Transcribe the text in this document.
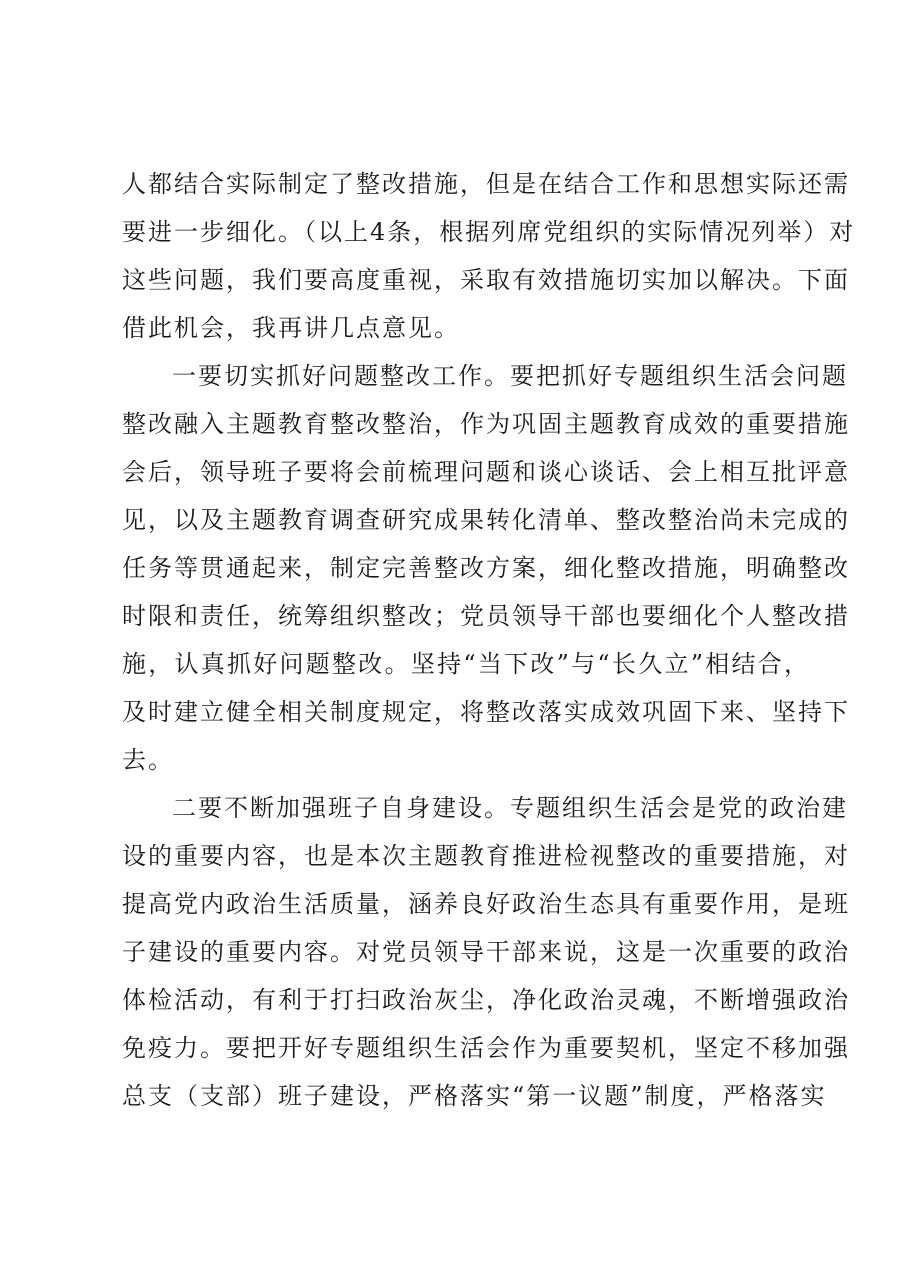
人都结合实际制定了整改措施，但是在结合工作和思想实际还需
要进一步细化。（以上4条，根据列席党组织的实际情况列举）对
这些问题，我们要高度重视，采取有效措施切实加以解决。下面
借此机会，我再讲几点意见。
一要切实抓好问题整改工作。要把抓好专题组织生活会问题
整改融入主题教育整改整治，作为巩固主题教育成效的重要措施
会后，领导班子要将会前梳理问题和谈心谈话、会上相互批评意
见，以及主题教育调查研究成果转化清单、整改整治尚未完成的
任务等贯通起来，制定完善整改方案，细化整改措施，明确整改
时限和责任，统筹组织整改；党员领导干部也要细化个人整改措
施，认真抓好问题整改。坚持“当下改”与“长久立”相结合，
及时建立健全相关制度规定，将整改落实成效巩固下来、坚持下
去。
二要不断加强班子自身建设。专题组织生活会是党的政治建
设的重要内容，也是本次主题教育推进检视整改的重要措施，对
提高党内政治生活质量，涵养良好政治生态具有重要作用，是班
子建设的重要内容。对党员领导干部来说，这是一次重要的政治
体检活动，有利于打扫政治灰尘，净化政治灵魂，不断增强政治
免疫力。要把开好专题组织生活会作为重要契机，坚定不移加强
总支（支部）班子建设，严格落实“第一议题”制度，严格落实
